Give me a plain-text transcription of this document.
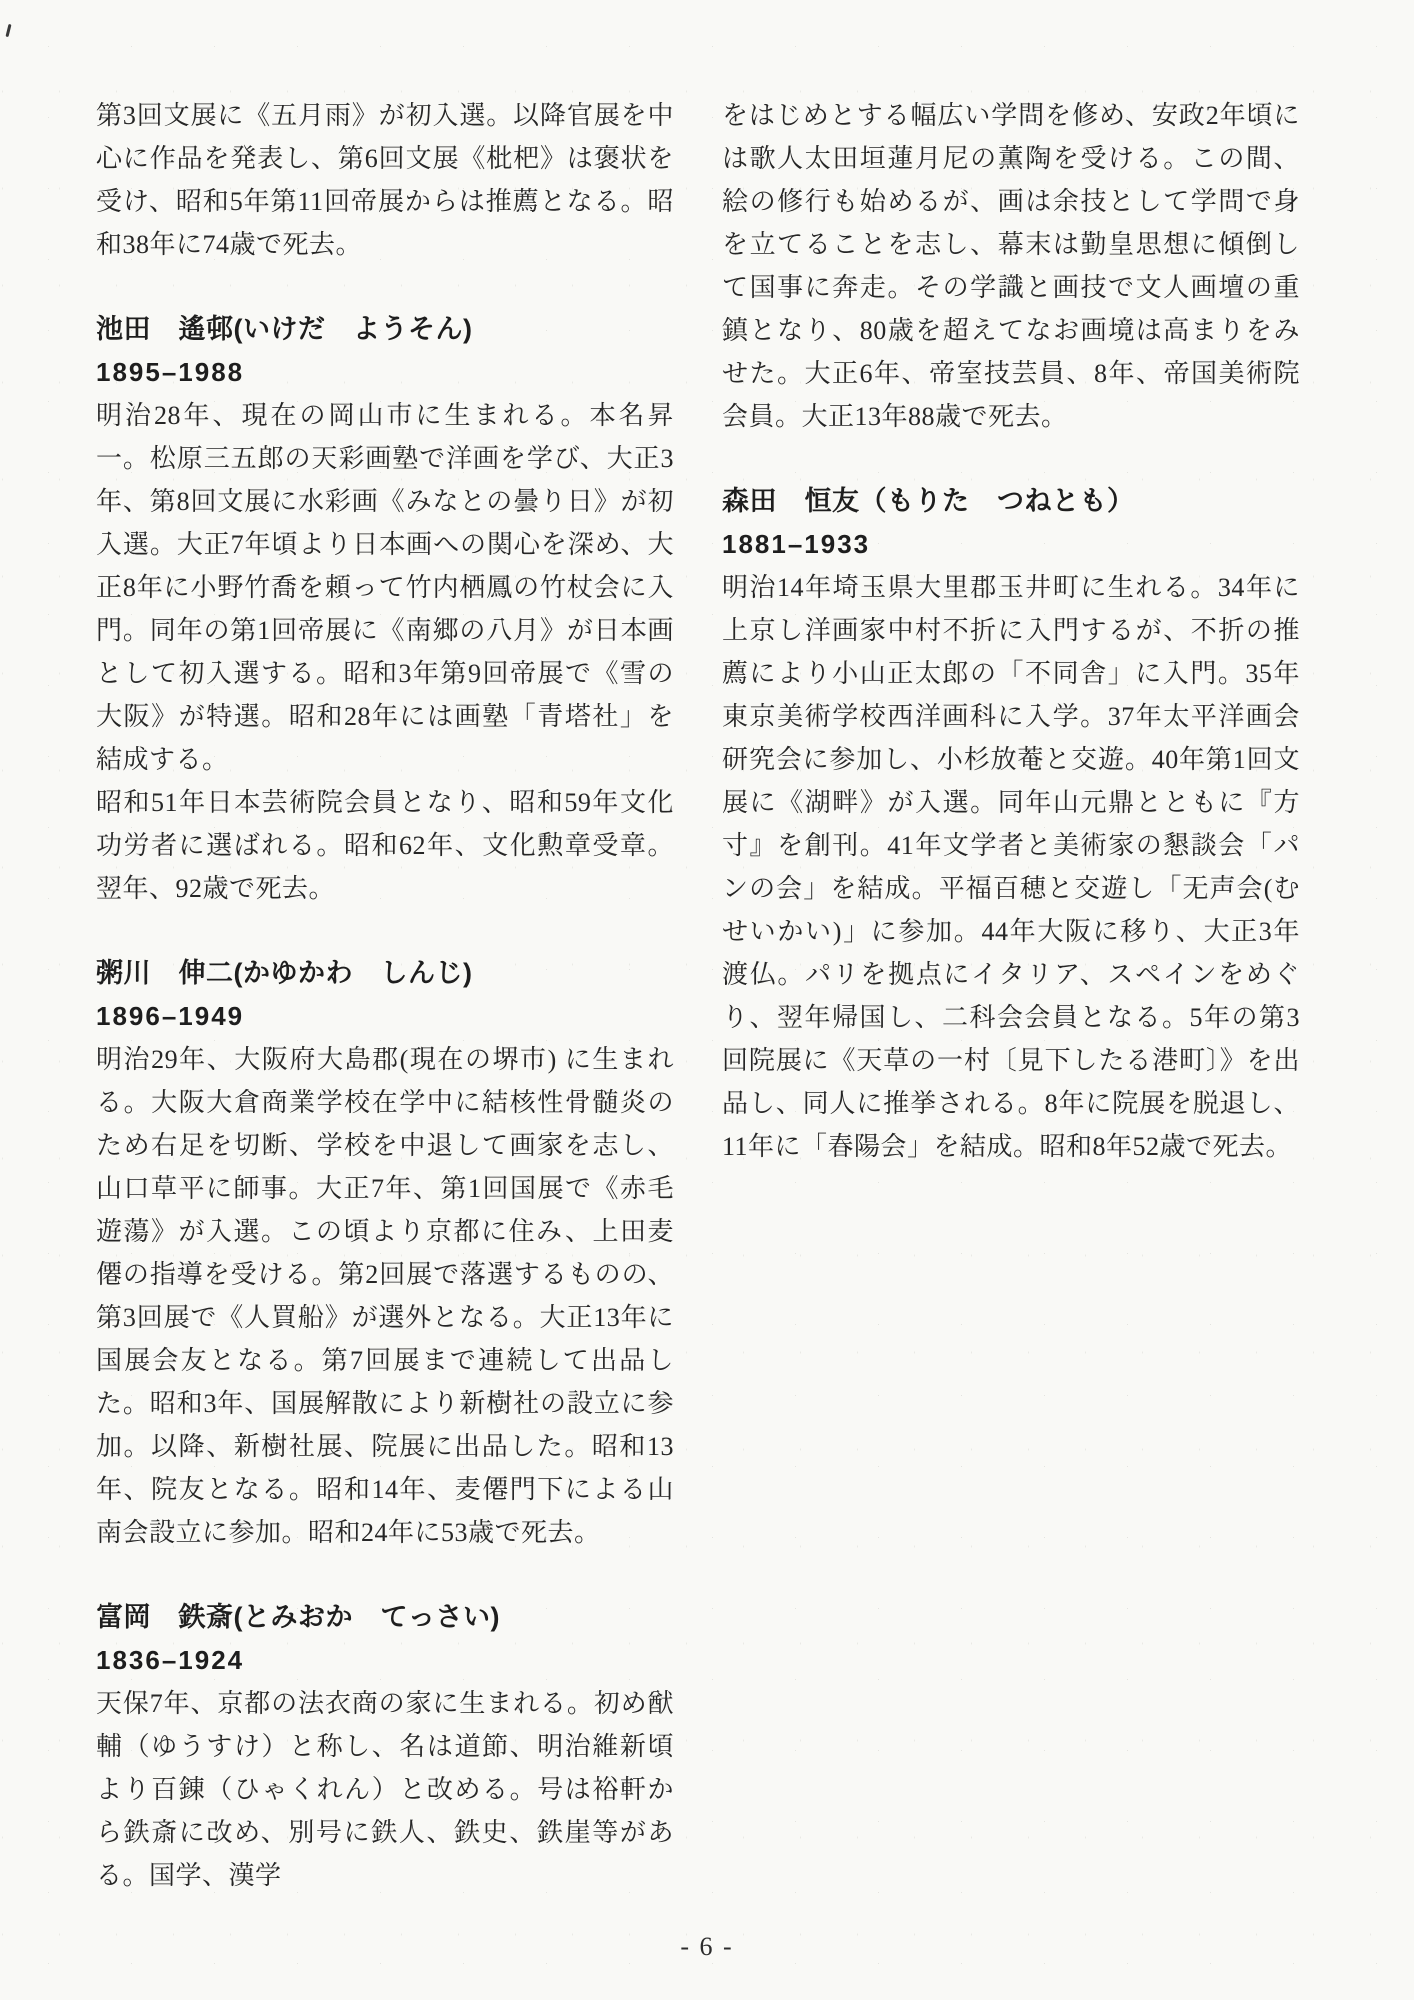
第3回文展に《五月雨》が初入選。以降官展を中心に作品を発表し、第6回文展《枇杷》は褒状を受け、昭和5年第11回帝展からは推薦となる。昭和38年に74歳で死去。

池田　遙邨(いけだ　ようそん)
1895–1988

明治28年、現在の岡山市に生まれる。本名昇一。松原三五郎の天彩画塾で洋画を学び、大正3年、第8回文展に水彩画《みなとの曇り日》が初入選。大正7年頃より日本画への関心を深め、大正8年に小野竹喬を頼って竹内栖鳳の竹杖会に入門。同年の第1回帝展に《南郷の八月》が日本画として初入選する。昭和3年第9回帝展で《雪の大阪》が特選。昭和28年には画塾「青塔社」を結成する。

昭和51年日本芸術院会員となり、昭和59年文化功労者に選ばれる。昭和62年、文化勲章受章。翌年、92歳で死去。

粥川　伸二(かゆかわ　しんじ)
1896–1949

明治29年、大阪府大島郡(現在の堺市) に生まれる。大阪大倉商業学校在学中に結核性骨髄炎のため右足を切断、学校を中退して画家を志し、山口草平に師事。大正7年、第1回国展で《赤毛遊蕩》が入選。この頃より京都に住み、上田麦僊の指導を受ける。第2回展で落選するものの、第3回展で《人買船》が選外となる。大正13年に国展会友となる。第7回展まで連続して出品した。昭和3年、国展解散により新樹社の設立に参加。以降、新樹社展、院展に出品した。昭和13年、院友となる。昭和14年、麦僊門下による山南会設立に参加。昭和24年に53歳で死去。

富岡　鉄斎(とみおか　てっさい)
1836–1924

天保7年、京都の法衣商の家に生まれる。初め猷輔（ゆうすけ）と称し、名は道節、明治維新頃より百錬（ひゃくれん）と改める。号は裕軒から鉄斎に改め、別号に鉄人、鉄史、鉄崖等がある。国学、漢学

をはじめとする幅広い学問を修め、安政2年頃には歌人太田垣蓮月尼の薫陶を受ける。この間、絵の修行も始めるが、画は余技として学問で身を立てることを志し、幕末は勤皇思想に傾倒して国事に奔走。その学識と画技で文人画壇の重鎮となり、80歳を超えてなお画境は高まりをみせた。大正6年、帝室技芸員、8年、帝国美術院会員。大正13年88歳で死去。

森田　恒友（もりた　つねとも）
1881–1933

明治14年埼玉県大里郡玉井町に生れる。34年に上京し洋画家中村不折に入門するが、不折の推薦により小山正太郎の「不同舎」に入門。35年東京美術学校西洋画科に入学。37年太平洋画会研究会に参加し、小杉放菴と交遊。40年第1回文展に《湖畔》が入選。同年山元鼎とともに『方寸』を創刊。41年文学者と美術家の懇談会「パンの会」を結成。平福百穂と交遊し「无声会(むせいかい)」に参加。44年大阪に移り、大正3年渡仏。パリを拠点にイタリア、スペインをめぐり、翌年帰国し、二科会会員となる。5年の第3回院展に《天草の一村〔見下したる港町〕》を出品し、同人に推挙される。8年に院展を脱退し、11年に「春陽会」を結成。昭和8年52歳で死去。

- 6 -
